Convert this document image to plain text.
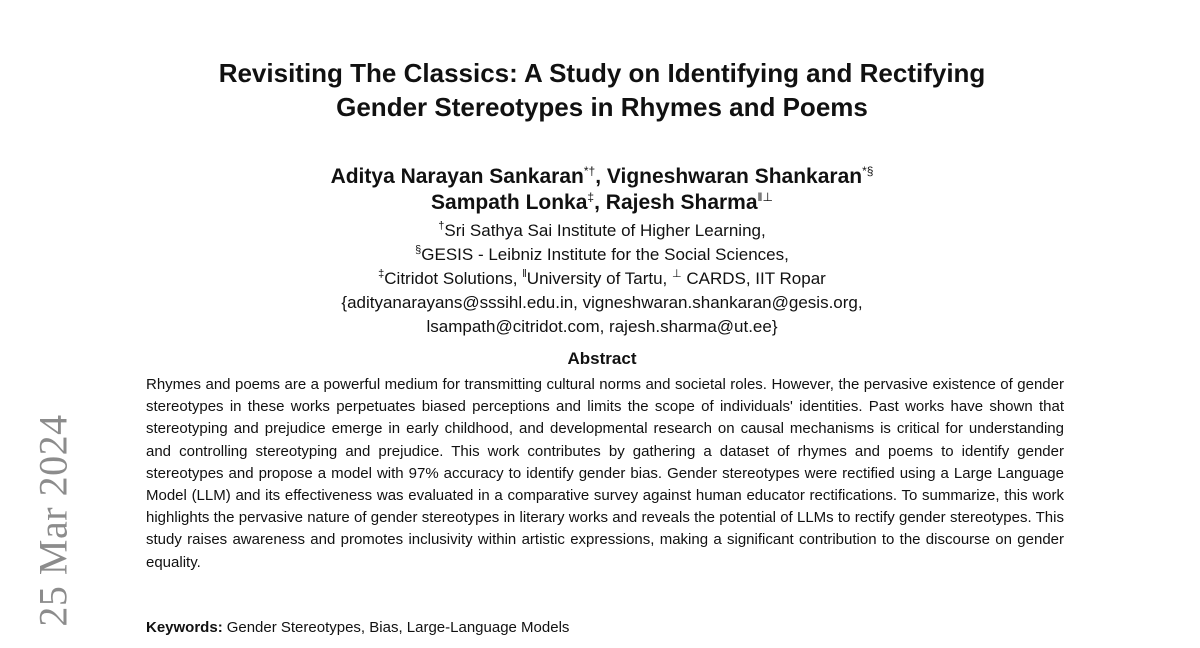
25 Mar 2024
Revisiting The Classics: A Study on Identifying and Rectifying
Gender Stereotypes in Rhymes and Poems
Aditya Narayan Sankaran*†, Vigneshwaran Shankaran*§
Sampath Lonka‡, Rajesh Sharma‖⊥
†Sri Sathya Sai Institute of Higher Learning,
§GESIS - Leibniz Institute for the Social Sciences,
‡Citridot Solutions, ‖University of Tartu, ⊥ CARDS, IIT Ropar
{adityanarayans@sssihl.edu.in, vigneshwaran.shankaran@gesis.org,
lsampath@citridot.com, rajesh.sharma@ut.ee}
Abstract
Rhymes and poems are a powerful medium for transmitting cultural norms and societal roles. However, the pervasive existence of gender stereotypes in these works perpetuates biased perceptions and limits the scope of individuals' identities. Past works have shown that stereotyping and prejudice emerge in early childhood, and developmental research on causal mechanisms is critical for understanding and controlling stereotyping and prejudice. This work contributes by gathering a dataset of rhymes and poems to identify gender stereotypes and propose a model with 97% accuracy to identify gender bias. Gender stereotypes were rectified using a Large Language Model (LLM) and its effectiveness was evaluated in a comparative survey against human educator rectifications. To summarize, this work highlights the pervasive nature of gender stereotypes in literary works and reveals the potential of LLMs to rectify gender stereotypes. This study raises awareness and promotes inclusivity within artistic expressions, making a significant contribution to the discourse on gender equality.
Keywords: Gender Stereotypes, Bias, Large-Language Models
